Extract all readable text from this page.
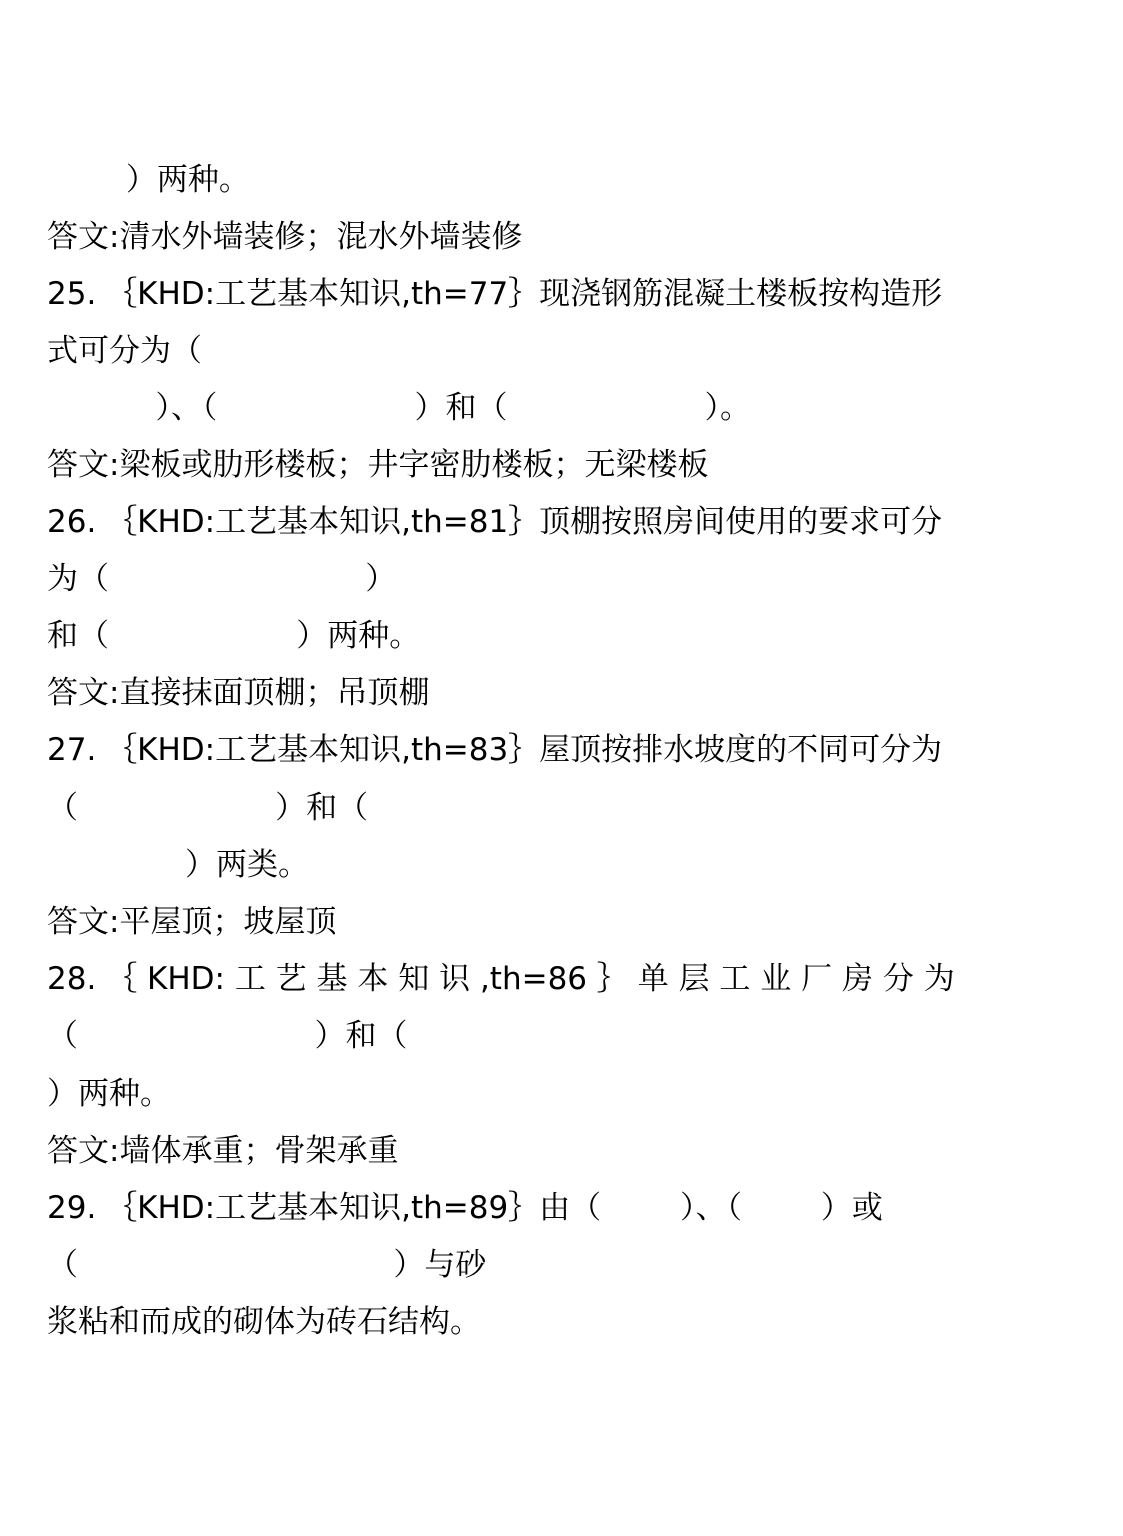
）两种。
答文:清水外墙装修；混水外墙装修
25. ｛KHD:工艺基本知识,th=77｝现浇钢筋混凝土楼板按构造形
式可分为（
）、（                    ）和（                    ）。
答文:梁板或肋形楼板；井字密肋楼板；无梁楼板
26. ｛KHD:工艺基本知识,th=81｝顶棚按照房间使用的要求可分
为（                          ）
和（                   ）两种。
答文:直接抹面顶棚；吊顶棚
27. ｛KHD:工艺基本知识,th=83｝屋顶按排水坡度的不同可分为
（                    ）和（
）两类。
答文:平屋顶；坡屋顶
28. ｛ KHD: 工 艺 基 本 知 识 ,th=86 ｝ 单 层 工 业 厂 房 分 为
（                        ）和（
）两种。
答文:墙体承重；骨架承重
29. ｛KHD:工艺基本知识,th=89｝由（        ）、（        ）或
（                                ）与砂
浆粘和而成的砌体为砖石结构。
